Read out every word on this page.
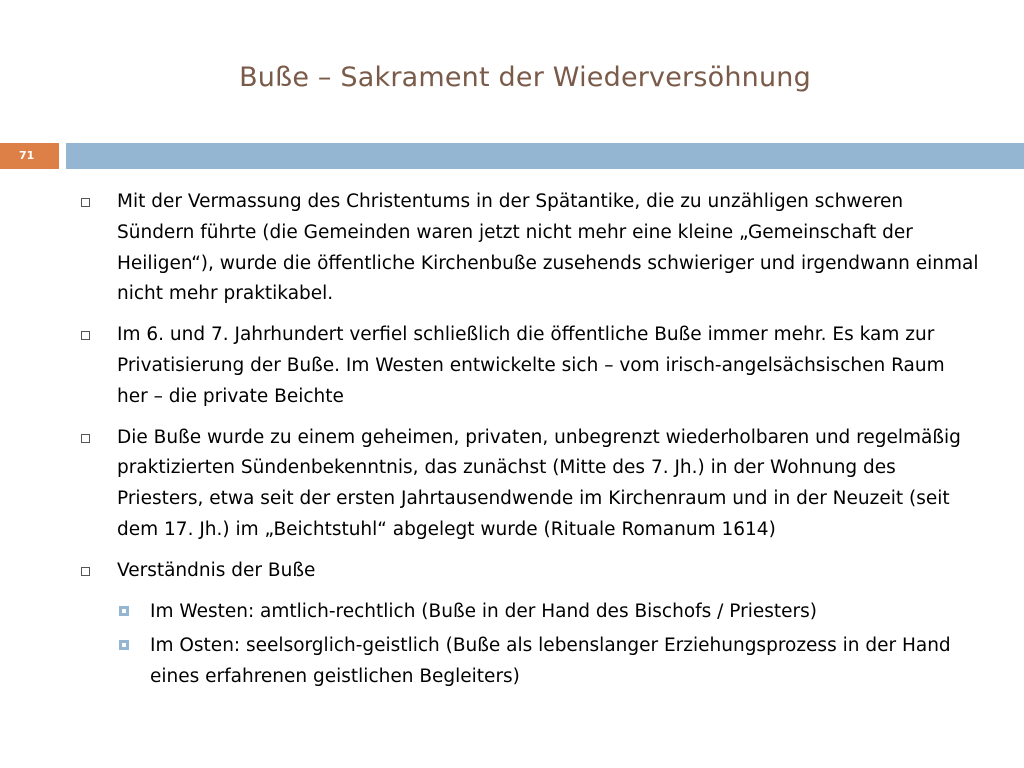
Buße – Sakrament der Wiederversöhnung
71
Mit der Vermassung des Christentums in der Spätantike, die zu unzähligen schweren Sündern führte (die Gemeinden waren jetzt nicht mehr eine kleine „Gemeinschaft der Heiligen“), wurde die öffentliche Kirchenbuße zusehends schwieriger und irgendwann einmal nicht mehr praktikabel.
Im 6. und 7. Jahrhundert verfiel schließlich die öffentliche Buße immer mehr. Es kam zur Privatisierung der Buße. Im Westen entwickelte sich – vom irisch-angelsächsischen Raum her – die private Beichte
Die Buße wurde zu einem geheimen, privaten, unbegrenzt wiederholbaren und regelmäßig praktizierten Sündenbekenntnis, das zunächst (Mitte des 7. Jh.) in der Wohnung des Priesters, etwa seit der ersten Jahrtausendwende im Kirchenraum und in der Neuzeit (seit dem 17. Jh.) im „Beichtstuhl“ abgelegt wurde (Rituale Romanum 1614)
Verständnis der Buße
Im Westen: amtlich-rechtlich (Buße in der Hand des Bischofs / Priesters)
Im Osten: seelsorglich-geistlich (Buße als lebenslanger Erziehungsprozess in der Hand eines erfahrenen geistlichen Begleiters)
